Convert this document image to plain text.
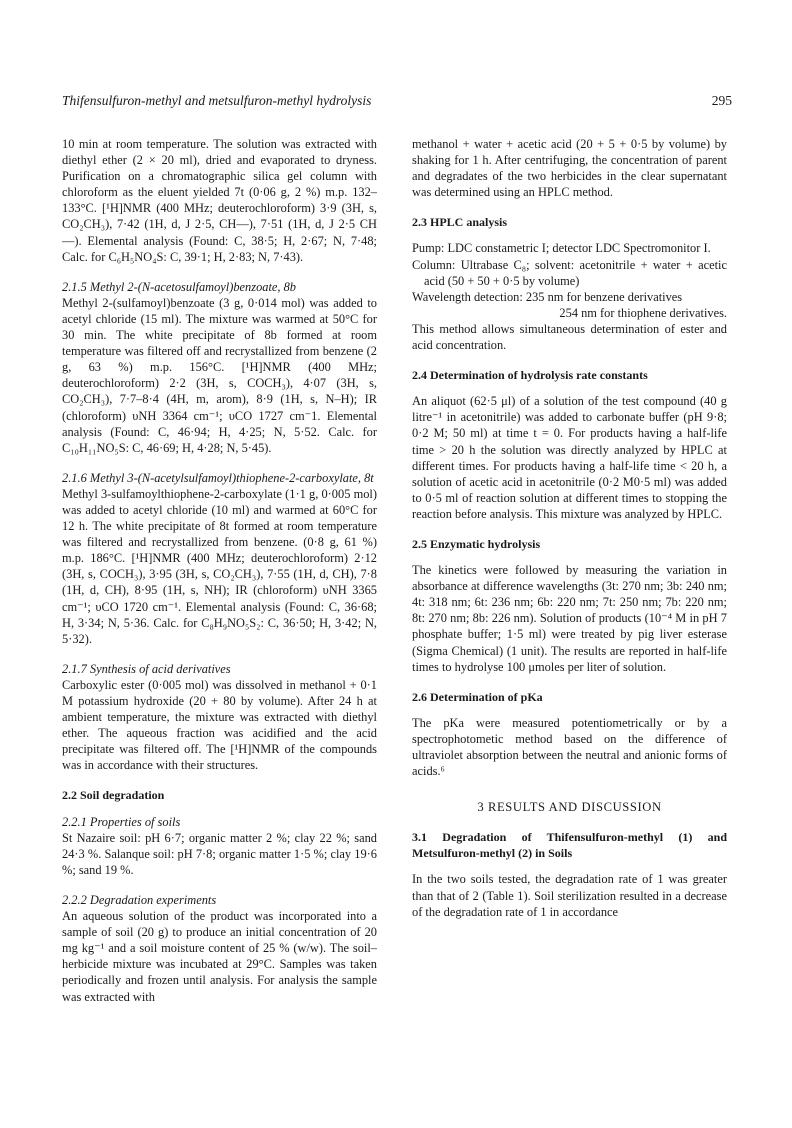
Thifensulfuron-methyl and metsulfuron-methyl hydrolysis	295

10 min at room temperature. The solution was extracted with diethyl ether (2 × 20 ml), dried and evaporated to dryness. Purification on a chromatographic silica gel column with chloroform as the eluent yielded 7t (0·06 g, 2 %) m.p. 132–133°C. [¹H]NMR (400 MHz; deuterochloroform) 3·9 (3H, s, CO₂CH₃), 7·42 (1H, d, J 2·5, CH—), 7·51 (1H, d, J 2·5 CH—). Elemental analysis (Found: C, 38·5; H, 2·67; N, 7·48; Calc. for C₆H₅NO₄S: C, 39·1; H, 2·83; N, 7·43).

2.1.5 Methyl 2-(N-acetosulfamoyl)benzoate, 8b

Methyl 2-(sulfamoyl)benzoate (3 g, 0·014 mol) was added to acetyl chloride (15 ml). The mixture was warmed at 50°C for 30 min. The white precipitate of 8b formed at room temperature was filtered off and recrystallized from benzene (2 g, 63 %) m.p. 156°C. [¹H]NMR (400 MHz; deuterochloroform) 2·2 (3H, s, COCH₃), 4·07 (3H, s, CO₂CH₃), 7·7–8·4 (4H, m, arom), 8·9 (1H, s, N–H); IR (chloroform) υNH 3364 cm⁻¹; υCO 1727 cm⁻1. Elemental analysis (Found: C, 46·94; H, 4·25; N, 5·52. Calc. for C₁₀H₁₁NO₅S: C, 46·69; H, 4·28; N, 5·45).

2.1.6 Methyl 3-(N-acetylsulfamoyl)thiophene-2-carboxylate, 8t

Methyl 3-sulfamoylthiophene-2-carboxylate (1·1 g, 0·005 mol) was added to acetyl chloride (10 ml) and warmed at 60°C for 12 h. The white precipitate of 8t formed at room temperature was filtered and recrystallized from benzene. (0·8 g, 61 %) m.p. 186°C. [¹H]NMR (400 MHz; deuterochloroform) 2·12 (3H, s, COCH₃), 3·95 (3H, s, CO₂CH₃), 7·55 (1H, d, CH), 7·8 (1H, d, CH), 8·95 (1H, s, NH); IR (chloroform) υNH 3365 cm⁻¹; υCO 1720 cm⁻¹. Elemental analysis (Found: C, 36·68; H, 3·34; N, 5·36. Calc. for C₈H₉NO₅S₂: C, 36·50; H, 3·42; N, 5·32).

2.1.7 Synthesis of acid derivatives

Carboxylic ester (0·005 mol) was dissolved in methanol + 0·1 M potassium hydroxide (20 + 80 by volume). After 24 h at ambient temperature, the mixture was extracted with diethyl ether. The aqueous fraction was acidified and the acid precipitate was filtered off. The [¹H]NMR of the compounds was in accordance with their structures.

2.2 Soil degradation

2.2.1 Properties of soils

St Nazaire soil: pH 6·7; organic matter 2 %; clay 22 %; sand 24·3 %. Salanque soil: pH 7·8; organic matter 1·5 %; clay 19·6 %; sand 19 %.

2.2.2 Degradation experiments

An aqueous solution of the product was incorporated into a sample of soil (20 g) to produce an initial concentration of 20 mg kg⁻¹ and a soil moisture content of 25 % (w/w). The soil–herbicide mixture was incubated at 29°C. Samples was taken periodically and frozen until analysis. For analysis the sample was extracted with

methanol + water + acetic acid (20 + 5 + 0·5 by volume) by shaking for 1 h. After centrifuging, the concentration of parent and degradates of the two herbicides in the clear supernatant was determined using an HPLC method.

2.3 HPLC analysis

Pump: LDC constametric I; detector LDC Spectromonitor I.

Column: Ultrabase C₈; solvent: acetonitrile + water + acetic acid (50 + 50 + 0·5 by volume)

Wavelength detection: 235 nm for benzene derivatives

254 nm for thiophene derivatives.

This method allows simultaneous determination of ester and acid concentration.

2.4 Determination of hydrolysis rate constants

An aliquot (62·5 μl) of a solution of the test compound (40 g litre⁻¹ in acetonitrile) was added to carbonate buffer (pH 9·8; 0·2 M; 50 ml) at time t = 0. For products having a half-life time > 20 h the solution was directly analyzed by HPLC at different times. For products having a half-life time < 20 h, a solution of acetic acid in acetonitrile (0·2 M0·5 ml) was added to 0·5 ml of reaction solution at different times to stopping the reaction before analysis. This mixture was analyzed by HPLC.

2.5 Enzymatic hydrolysis

The kinetics were followed by measuring the variation in absorbance at difference wavelengths (3t: 270 nm; 3b: 240 nm; 4t: 318 nm; 6t: 236 nm; 6b: 220 nm; 7t: 250 nm; 7b: 220 nm; 8t: 270 nm; 8b: 226 nm). Solution of products (10⁻⁴ M in pH 7 phosphate buffer; 1·5 ml) were treated by pig liver esterase (Sigma Chemical) (1 unit). The results are reported in half-life times to hydrolyse 100 μmoles per liter of solution.

2.6 Determination of pKa

The pKa were measured potentiometrically or by a spectrophotometic method based on the difference of ultraviolet absorption between the neutral and anionic forms of acids.⁶

3 RESULTS AND DISCUSSION

3.1 Degradation of Thifensulfuron-methyl (1) and Metsulfuron-methyl (2) in Soils

In the two soils tested, the degradation rate of 1 was greater than that of 2 (Table 1). Soil sterilization resulted in a decrease of the degradation rate of 1 in accordance
